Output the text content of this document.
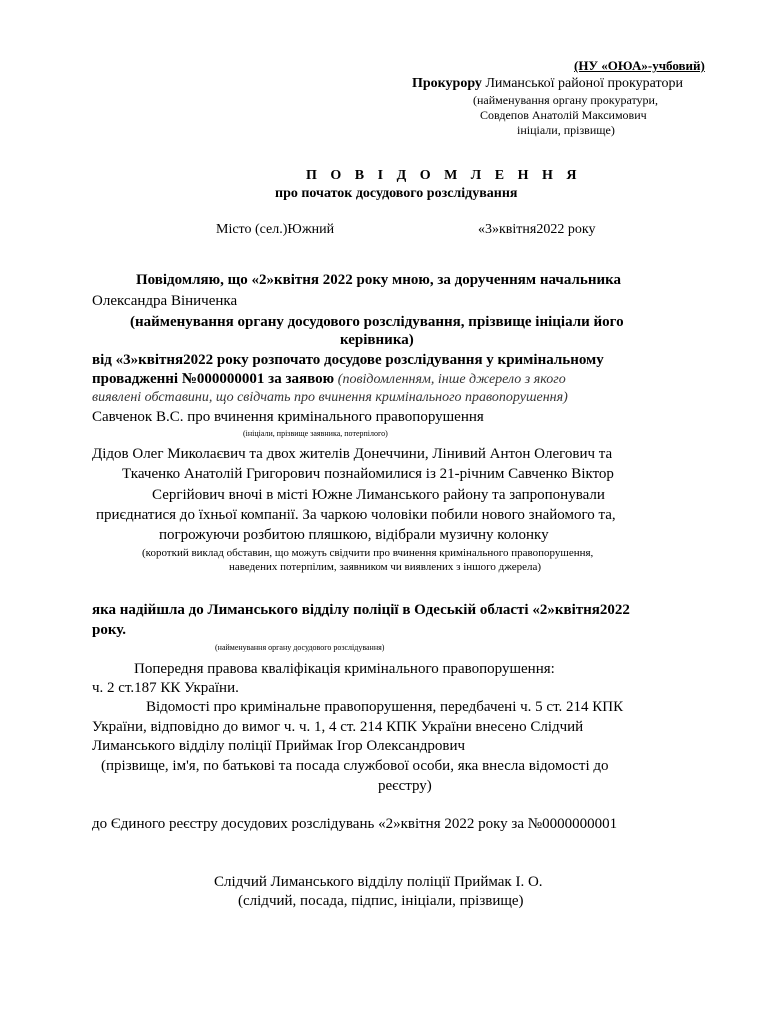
(НУ «ОЮА»-учбовий)
Прокурору Лиманської районої прокуратори
(найменування органу прокуратури,
Совдепов Анатолій Максимович
ініціали, прізвище)
П О В І Д О М Л Е Н Н Я
про початок досудового розслідування
Місто (сел.)Южний	«3»квітня2022 року
Повідомляю, що «2»квітня 2022 року мною, за дорученням начальника
Олександра Віниченка
(найменування органу досудового розслідування, прізвище ініціали його
керівника)
від «3»квітня2022 року розпочато досудове розслідування у кримінальному
провадженні №000000001 за заявою (повідомленням, інше джерело з якого
виявлені обставини, що свідчать про вчинення кримінального правопорушення)
Савченок В.С. про вчинення кримінального правопорушення
(ініціали, прізвище заявника, потерпілого)
Дідов Олег Миколаєвич та двох жителів Донеччини, Лінивий Антон Олегович та
Ткаченко Анатолій Григорович познайомилися із 21-річним Савченко Віктор
Сергійович вночі в місті Южне Лиманського району та запропонували
приєднатися до їхньої компанії. За чаркою чоловіки побили нового знайомого та,
погрожуючи розбитою пляшкою, відібрали музичну колонку
(короткий виклад обставин, що можуть свідчити про вчинення кримінального правопорушення,
наведених потерпілим, заявником чи виявлених з іншого джерела)
яка надійшла до Лиманського відділу поліції в Одеській області «2»квітня2022
року.
(найменування органу досудового розслідування)
Попередня правова кваліфікація кримінального правопорушення:
ч. 2 ст.187 КК України.
Відомості про кримінальне правопорушення, передбачені ч. 5 ст. 214 КПК
України, відповідно до вимог ч. ч. 1, 4 ст. 214 КПК України внесено Слідчий
Лиманського відділу поліції Приймак Ігор Олександрович
(прізвище, ім'я, по батькові та посада службової особи, яка внесла відомості до
реєстру)
до Єдиного реєстру досудових розслідувань «2»квітня 2022 року за №0000000001
Слідчий Лиманського відділу поліції Приймак І. О.
(слідчий, посада, підпис, ініціали, прізвище)
